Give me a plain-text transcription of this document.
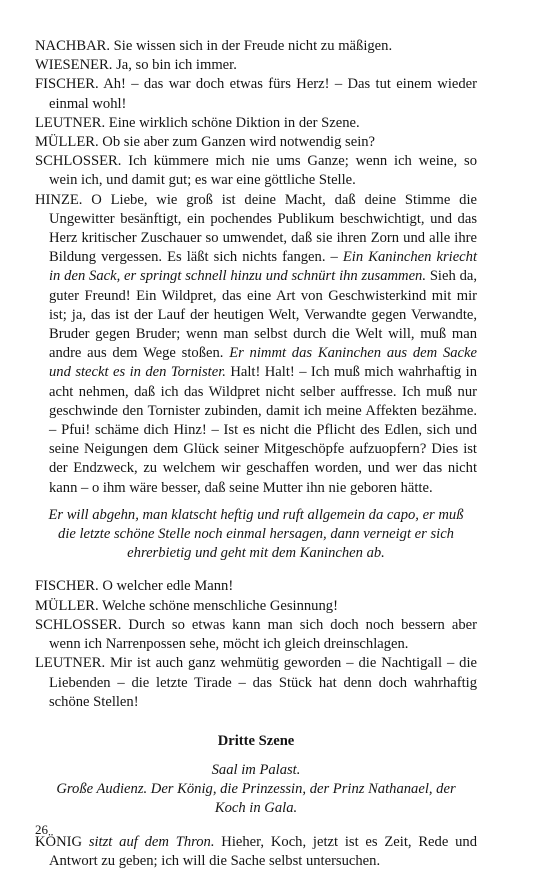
NACHBAR. Sie wissen sich in der Freude nicht zu mäßigen.

WIESENER. Ja, so bin ich immer.

FISCHER. Ah! – das war doch etwas fürs Herz! – Das tut einem wieder einmal wohl!

LEUTNER. Eine wirklich schöne Diktion in der Szene.

MÜLLER. Ob sie aber zum Ganzen wird notwendig sein?

SCHLOSSER. Ich kümmere mich nie ums Ganze; wenn ich weine, so wein ich, und damit gut; es war eine göttliche Stelle.

HINZE. O Liebe, wie groß ist deine Macht, daß deine Stimme die Ungewitter besänftigt, ein pochendes Publikum beschwichtigt, und das Herz kritischer Zuschauer so umwendet, daß sie ihren Zorn und alle ihre Bildung vergessen. Es läßt sich nichts fangen. – Ein Kaninchen kriecht in den Sack, er springt schnell hinzu und schnürt ihn zusammen. Sieh da, guter Freund! Ein Wildpret, das eine Art von Geschwisterkind mit mir ist; ja, das ist der Lauf der heutigen Welt, Verwandte gegen Verwandte, Bruder gegen Bruder; wenn man selbst durch die Welt will, muß man andre aus dem Wege stoßen. Er nimmt das Kaninchen aus dem Sacke und steckt es in den Tornister. Halt! Halt! – Ich muß mich wahrhaftig in acht nehmen, daß ich das Wildpret nicht selber auffresse. Ich muß nur geschwinde den Tornister zubinden, damit ich meine Affekten bezähme. – Pfui! schäme dich Hinz! – Ist es nicht die Pflicht des Edlen, sich und seine Neigungen dem Glück seiner Mitgeschöpfe aufzuopfern? Dies ist der Endzweck, zu welchem wir geschaffen worden, und wer das nicht kann – o ihm wäre besser, daß seine Mutter ihn nie geboren hätte.

Er will abgehn, man klatscht heftig und ruft allgemein da capo, er muß die letzte schöne Stelle noch einmal hersagen, dann verneigt er sich ehrerbietig und geht mit dem Kaninchen ab.

FISCHER. O welcher edle Mann!

MÜLLER. Welche schöne menschliche Gesinnung!

SCHLOSSER. Durch so etwas kann man sich doch noch bessern aber wenn ich Narrenpossen sehe, möcht ich gleich dreinschlagen.

LEUTNER. Mir ist auch ganz wehmütig geworden – die Nachtigall – die Liebenden – die letzte Tirade – das Stück hat denn doch wahrhaftig schöne Stellen!

Dritte Szene
Saal im Palast.
Große Audienz. Der König, die Prinzessin, der Prinz Nathanael, der Koch in Gala.

KÖNIG sitzt auf dem Thron. Hieher, Koch, jetzt ist es Zeit, Rede und Antwort zu geben; ich will die Sache selbst untersuchen.

26
